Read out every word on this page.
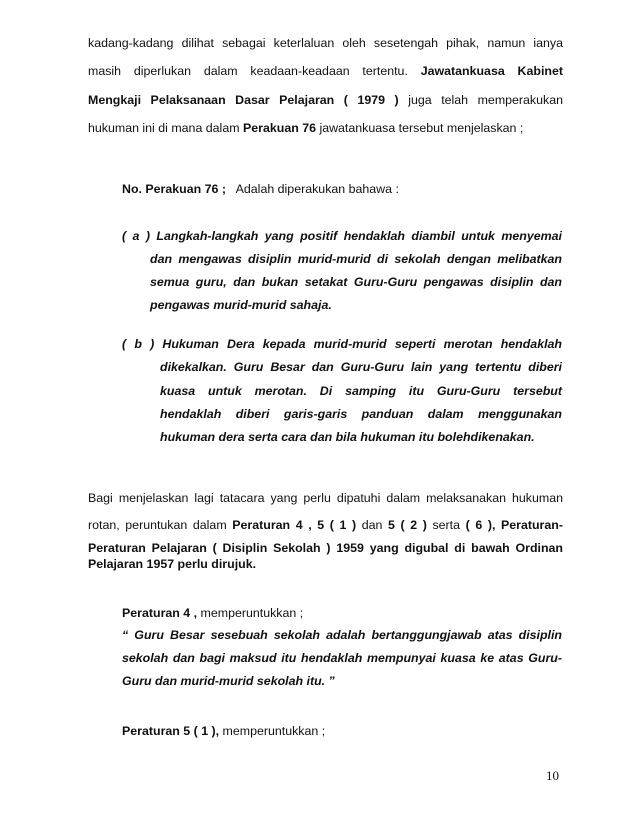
kadang-kadang dilihat sebagai keterlaluan oleh sesetengah pihak, namun ianya
masih diperlukan dalam keadaan-keadaan tertentu. Jawatankuasa Kabinet
Mengkaji Pelaksanaan Dasar Pelajaran ( 1979 ) juga telah memperakukan
hukuman ini di mana dalam Perakuan 76 jawatankuasa tersebut menjelaskan ;
No. Perakuan 76 ; Adalah diperakukan bahawa :
( a ) Langkah-langkah yang positif hendaklah diambil untuk menyemai
dan mengawas disiplin murid-murid di sekolah dengan melibatkan
semua guru, dan bukan setakat Guru-Guru pengawas disiplin dan
pengawas murid-murid sahaja.
( b ) Hukuman Dera kepada murid-murid seperti merotan hendaklah
dikekalkan. Guru Besar dan Guru-Guru lain yang tertentu diberi
kuasa untuk merotan. Di samping itu Guru-Guru tersebut
hendaklah diberi garis-garis panduan dalam menggunakan
hukuman dera serta cara dan bila hukuman itu bolehdikenakan.
Bagi menjelaskan lagi tatacara yang perlu dipatuhi dalam melaksanakan hukuman
rotan, peruntukan dalam Peraturan 4 , 5 ( 1 ) dan 5 ( 2 ) serta ( 6 ), Peraturan-
Peraturan Pelajaran ( Disiplin Sekolah ) 1959 yang digubal di bawah Ordinan
Pelajaran 1957 perlu dirujuk.
Peraturan 4 , memperuntukkan ;
“ Guru Besar sesebuah sekolah adalah bertanggungjawab atas disiplin
sekolah dan bagi maksud itu hendaklah mempunyai kuasa ke atas Guru-
Guru dan murid-murid sekolah itu. ”
Peraturan 5 ( 1 ), memperuntukkan ;
10
